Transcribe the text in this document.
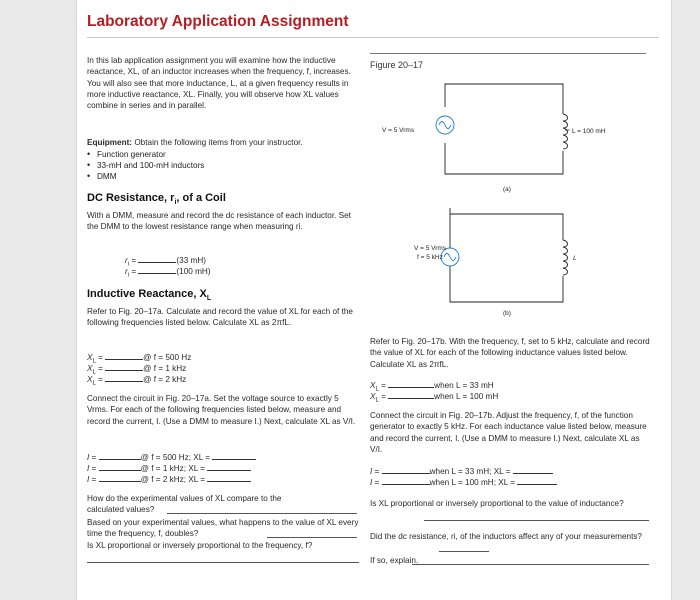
Laboratory Application Assignment
In this lab application assignment you will examine how the inductive reactance, XL, of an inductor increases when the frequency, f, increases. You will also see that more inductance, L, at a given frequency results in more inductive reactance, XL. Finally, you will observe how XL values combine in series and in parallel.
Equipment: Obtain the following items from your instructor.
• Function generator
• 33-mH and 100-mH inductors
• DMM
DC Resistance, $r_i$, of a Coil
With a DMM, measure and record the dc resistance of each inductor. Set the DMM to the lowest resistance range when measuring ri.
$r_i$ =	(33 mH)
$r_i$ =	(100 mH)
Inductive Reactance, $X_L$
Refer to Fig. 20–17a. Calculate and record the value of XL for each of the following frequencies listed below. Calculate XL as 2πfL.
$X_L$ =	@ f = 500 Hz
$X_L$ =	@ f = 1 kHz
$X_L$ =	@ f = 2 kHz
Connect the circuit in Fig. 20–17a. Set the voltage source to exactly 5 Vrms. For each of the following frequencies listed below, measure and record the current, I. (Use a DMM to measure I.) Next, calculate XL as V/I.
I =	@ f = 500 Hz; XL =
I =	@ f = 1 kHz; XL =
I =	@ f = 2 kHz; XL =
How do the experimental values of XL compare to the calculated values?
Based on your experimental values, what happens to the value of XL every time the frequency, f, doubles?
Is XL proportional or inversely proportional to the frequency, f?
Figure 20–17
V = 5 Vrms	L = 100 mH
(a)
V = 5 Vrms
f = 5 kHz	L
(b)
Refer to Fig. 20–17b. With the frequency, f, set to 5 kHz, calculate and record the value of XL for each of the following inductance values listed below. Calculate XL as 2πfL.
$X_L$ =	when L = 33 mH
$X_L$ =	when L = 100 mH
Connect the circuit in Fig. 20–17b. Adjust the frequency, f, of the function generator to exactly 5 kHz. For each inductance value listed below, measure and record the current, I. (Use a DMM to measure I.) Next, calculate XL as V/I.
I =	when L = 33 mH; XL =
I =	when L = 100 mH; XL =
Is XL proportional or inversely proportional to the value of inductance?
Did the dc resistance, ri, of the inductors affect any of your measurements?
If so, explain.
